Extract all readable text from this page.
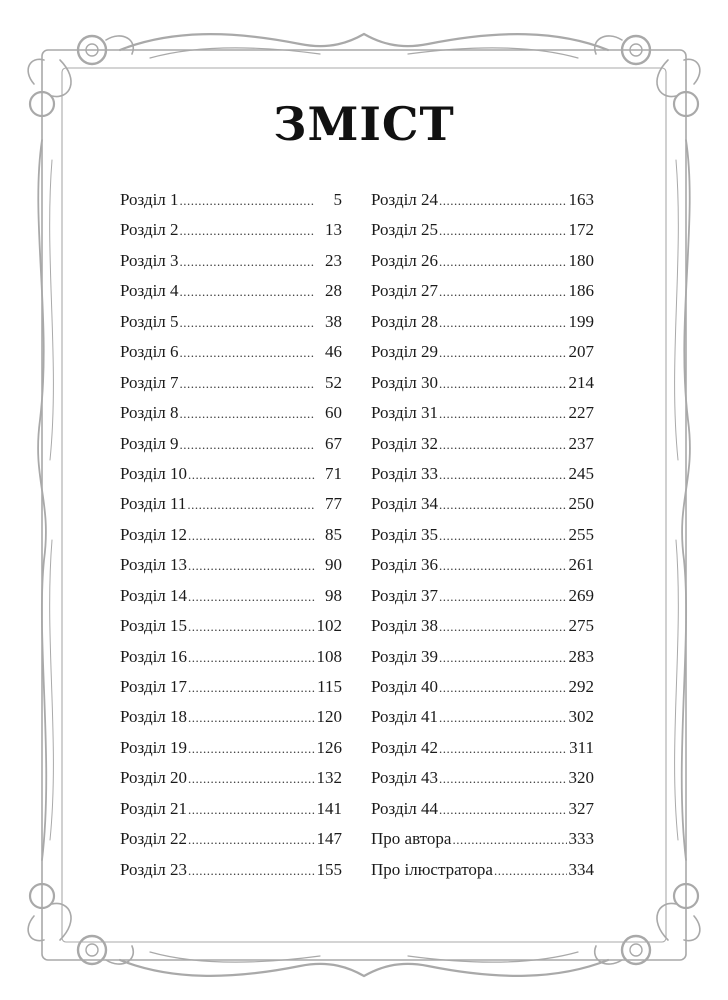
ЗМІСТ
Розділ 1 .....	5
Розділ 2 .....	13
Розділ 3 .....	23
Розділ 4 .....	28
Розділ 5 .....	38
Розділ 6 .....	46
Розділ 7 .....	52
Розділ 8 .....	60
Розділ 9 .....	67
Розділ 10 .....	71
Розділ 11 .....	77
Розділ 12 .....	85
Розділ 13 .....	90
Розділ 14 .....	98
Розділ 15 .....	102
Розділ 16 .....	108
Розділ 17 .....	115
Розділ 18 .....	120
Розділ 19 .....	126
Розділ 20 .....	132
Розділ 21 .....	141
Розділ 22 .....	147
Розділ 23 .....	155
Розділ 24 .....	163
Розділ 25 .....	172
Розділ 26 .....	180
Розділ 27 .....	186
Розділ 28 .....	199
Розділ 29 .....	207
Розділ 30 .....	214
Розділ 31 .....	227
Розділ 32 .....	237
Розділ 33 .....	245
Розділ 34 .....	250
Розділ 35 .....	255
Розділ 36 .....	261
Розділ 37 .....	269
Розділ 38 .....	275
Розділ 39 .....	283
Розділ 40 .....	292
Розділ 41 .....	302
Розділ 42 .....	311
Розділ 43 .....	320
Розділ 44 .....	327
Про автора .....	333
Про ілюстратора .....	334
